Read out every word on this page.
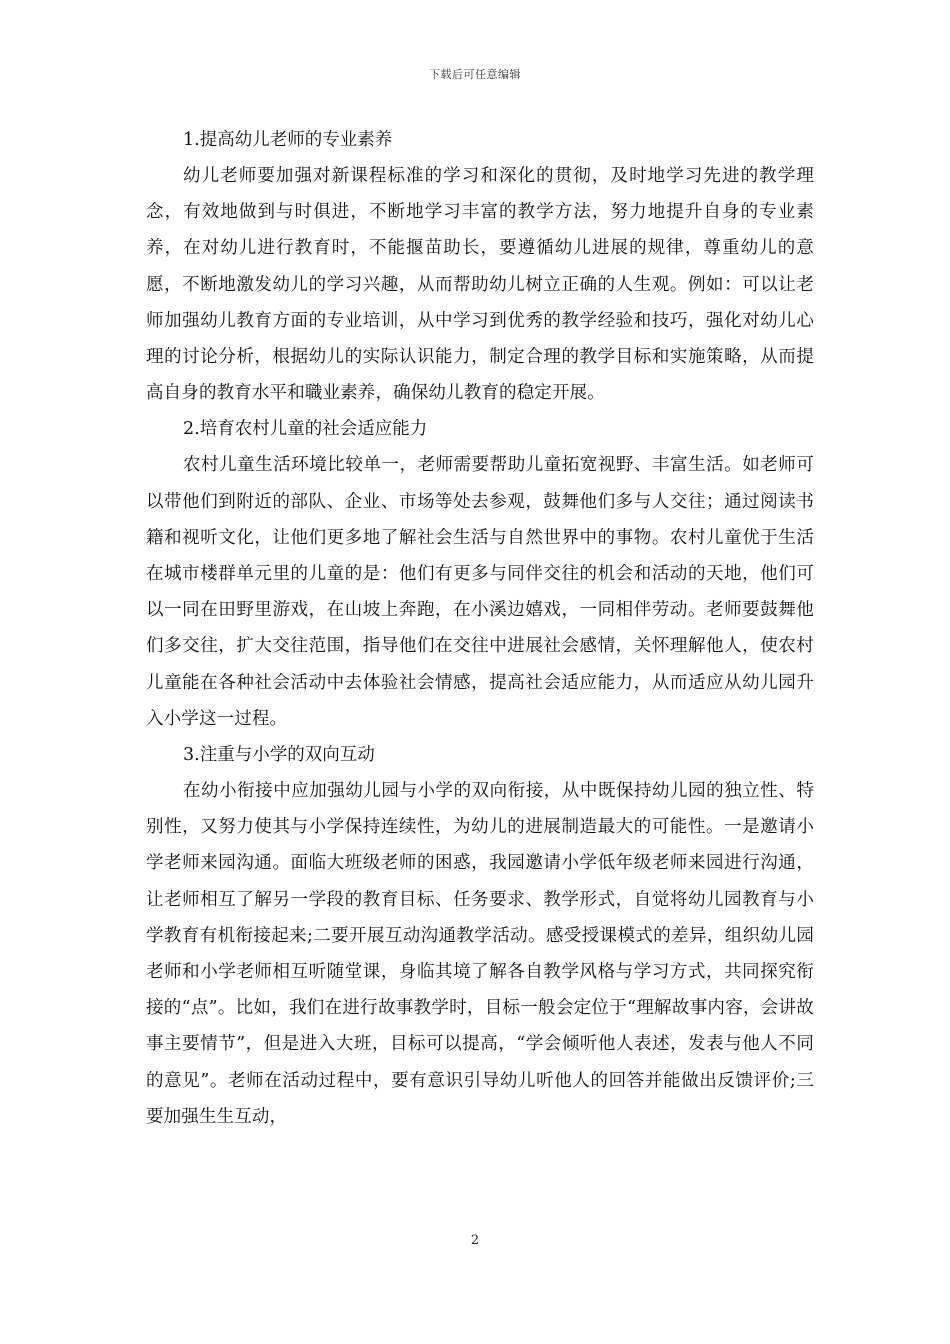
下载后可任意编辑

1.提高幼儿老师的专业素养

幼儿老师要加强对新课程标准的学习和深化的贯彻，及时地学习先进的教学理念，有效地做到与时俱进，不断地学习丰富的教学方法，努力地提升自身的专业素养，在对幼儿进行教育时，不能揠苗助长，要遵循幼儿进展的规律，尊重幼儿的意愿，不断地激发幼儿的学习兴趣，从而帮助幼儿树立正确的人生观。例如：可以让老师加强幼儿教育方面的专业培训，从中学习到优秀的教学经验和技巧，强化对幼儿心理的讨论分析，根据幼儿的实际认识能力，制定合理的教学目标和实施策略，从而提高自身的教育水平和職业素养，确保幼儿教育的稳定开展。

2.培育农村儿童的社会适应能力

农村儿童生活环境比较单一，老师需要帮助儿童拓宽视野、丰富生活。如老师可以带他们到附近的部队、企业、市场等处去参观，鼓舞他们多与人交往；通过阅读书籍和视听文化，让他们更多地了解社会生活与自然世界中的事物。农村儿童优于生活在城市楼群单元里的儿童的是：他们有更多与同伴交往的机会和活动的天地，他们可以一同在田野里游戏，在山坡上奔跑，在小溪边嬉戏，一同相伴劳动。老师要鼓舞他们多交往，扩大交往范围，指导他们在交往中进展社会感情，关怀理解他人，使农村儿童能在各种社会活动中去体验社会情感，提高社会适应能力，从而适应从幼儿园升入小学这一过程。

3.注重与小学的双向互动

在幼小衔接中应加强幼儿园与小学的双向衔接，从中既保持幼儿园的独立性、特别性，又努力使其与小学保持连续性，为幼儿的进展制造最大的可能性。一是邀请小学老师来园沟通。面临大班级老师的困惑，我园邀请小学低年级老师来园进行沟通，让老师相互了解另一学段的教育目标、任务要求、教学形式，自觉将幼儿园教育与小学教育有机衔接起来;二要开展互动沟通教学活动。感受授课模式的差异，组织幼儿园老师和小学老师相互听随堂课，身临其境了解各自教学风格与学习方式，共同探究衔接的“点”。比如，我们在进行故事教学时，目标一般会定位于“理解故事内容，会讲故事主要情节”，但是进入大班，目标可以提高，“学会倾听他人表述，发表与他人不同的意见”。老师在活动过程中，要有意识引导幼儿听他人的回答并能做出反馈评价;三要加强生生互动，

2
